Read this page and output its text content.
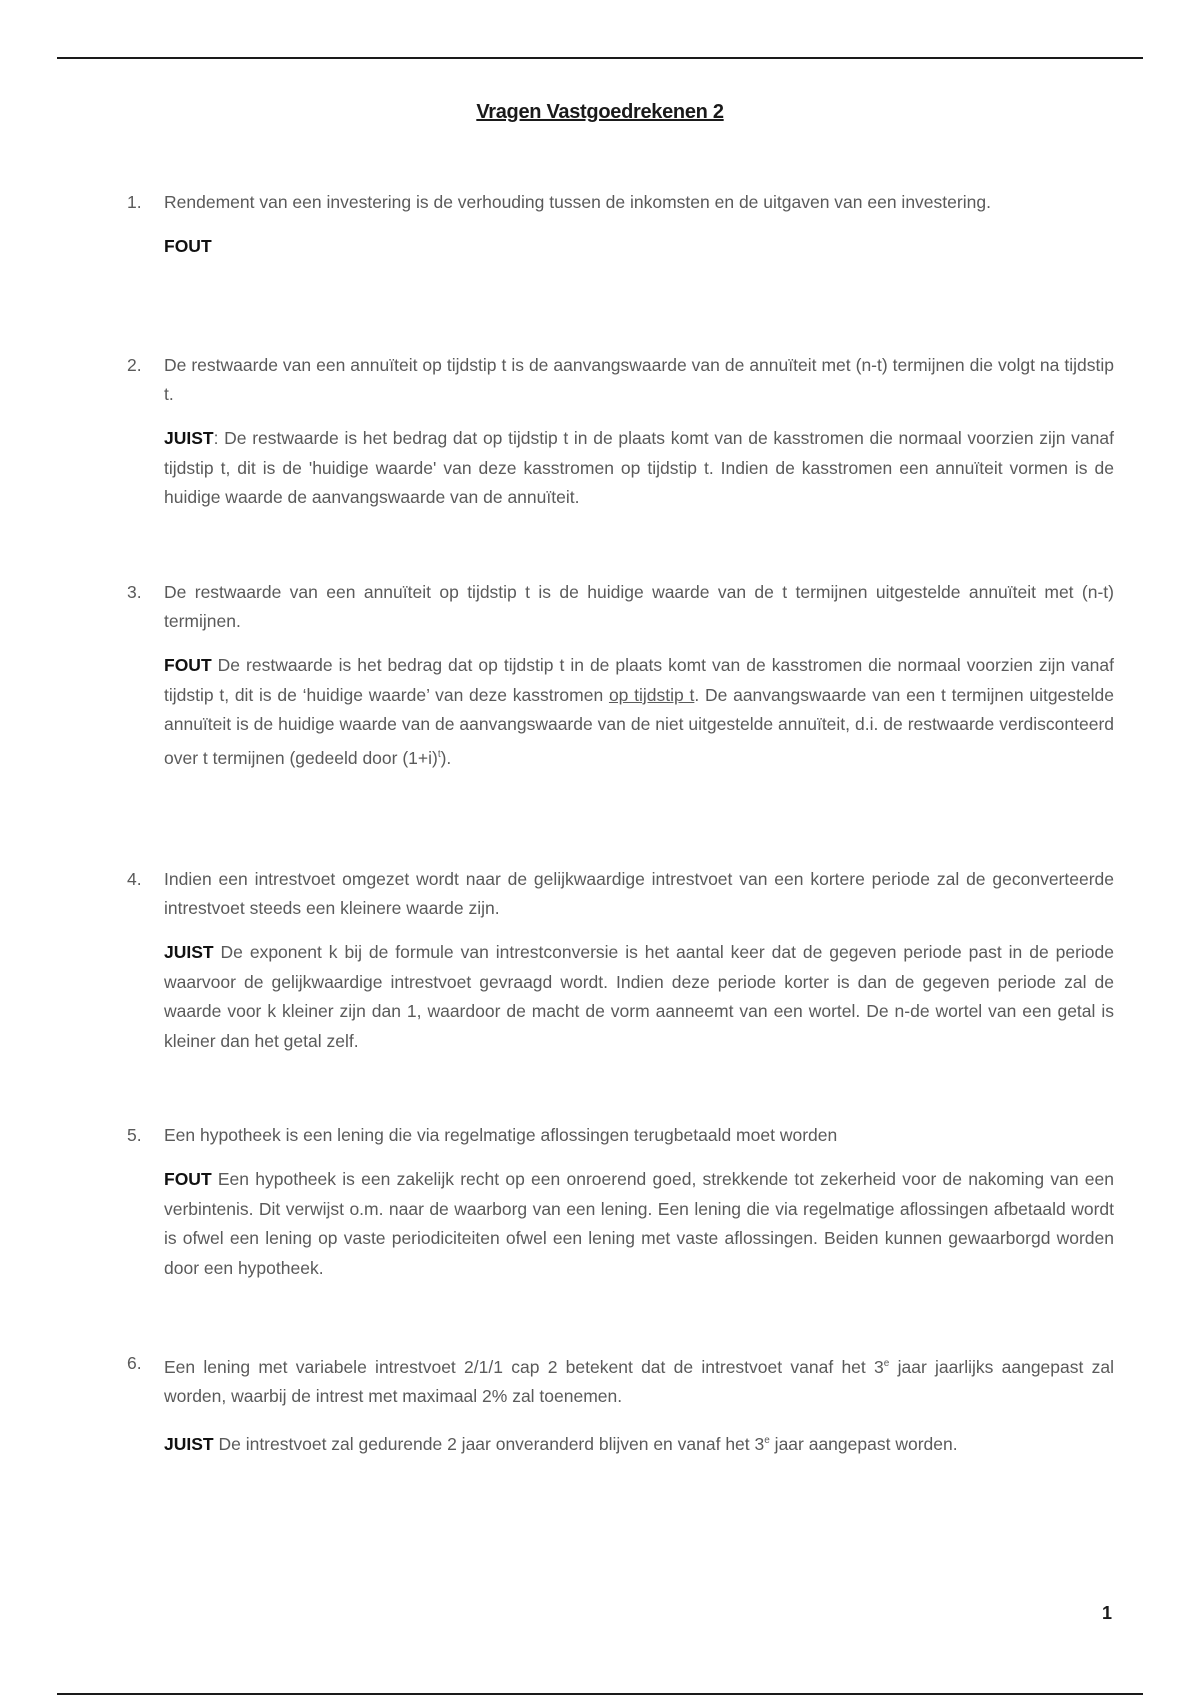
Vragen Vastgoedrekenen 2
1. Rendement van een investering is de verhouding tussen de inkomsten en de uitgaven van een investering.
FOUT
2. De restwaarde van een annuïteit op tijdstip t is de aanvangswaarde van de annuïteit met (n-t) termijnen die volgt na tijdstip t.
JUIST: De restwaarde is het bedrag dat op tijdstip t in de plaats komt van de kasstromen die normaal voorzien zijn vanaf tijdstip t, dit is de 'huidige waarde' van deze kasstromen op tijdstip t. Indien de kasstromen een annuïteit vormen is de huidige waarde de aanvangswaarde van de annuïteit.
3. De restwaarde van een annuïteit op tijdstip t is de huidige waarde van de t termijnen uitgestelde annuïteit met (n-t) termijnen.
FOUT De restwaarde is het bedrag dat op tijdstip t in de plaats komt van de kasstromen die normaal voorzien zijn vanaf tijdstip t, dit is de ‘huidige waarde’ van deze kasstromen op tijdstip t. De aanvangswaarde van een t termijnen uitgestelde annuïteit is de huidige waarde van de aanvangswaarde van de niet uitgestelde annuïteit, d.i. de restwaarde verdisconteerd over t termijnen (gedeeld door $(1+i)^t$).
4. Indien een intrestvoet omgezet wordt naar de gelijkwaardige intrestvoet van een kortere periode zal de geconverteerde intrestvoet steeds een kleinere waarde zijn.
JUIST De exponent k bij de formule van intrestconversie is het aantal keer dat de gegeven periode past in de periode waarvoor de gelijkwaardige intrestvoet gevraagd wordt. Indien deze periode korter is dan de gegeven periode zal de waarde voor k kleiner zijn dan 1, waardoor de macht de vorm aanneemt van een wortel. De n-de wortel van een getal is kleiner dan het getal zelf.
5. Een hypotheek is een lening die via regelmatige aflossingen terugbetaald moet worden
FOUT Een hypotheek is een zakelijk recht op een onroerend goed, strekkende tot zekerheid voor de nakoming van een verbintenis. Dit verwijst o.m. naar de waarborg van een lening. Een lening die via regelmatige aflossingen afbetaald wordt is ofwel een lening op vaste periodiciteiten ofwel een lening met vaste aflossingen. Beiden kunnen gewaarborgd worden door een hypotheek.
6. Een lening met variabele intrestvoet 2/1/1 cap 2 betekent dat de intrestvoet vanaf het 3e jaar jaarlijks aangepast zal worden, waarbij de intrest met maximaal 2% zal toenemen.
JUIST De intrestvoet zal gedurende 2 jaar onveranderd blijven en vanaf het 3e jaar aangepast worden.
1
